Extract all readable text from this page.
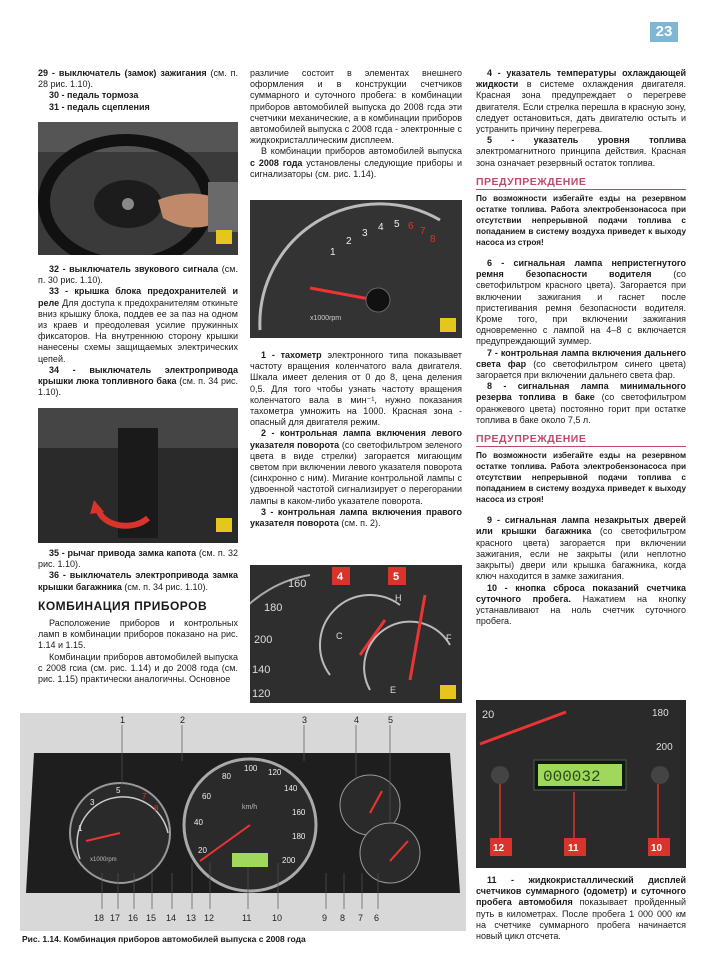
23

29 - выключатель (замок) зажигания (см. п. 28 рис. 1.10).

30 - педаль тормоза

31 - педаль сцепления

32 - выключатель звукового сигнала (см. п. 30 рис. 1.10).

33 - крышка блока предохранителей и реле Для доступа к предохранителям откиньте вниз крышку блока, поддев ее за паз на одном из краев и преодолевая усилие пружинных фиксаторов. На внутреннюю сторону крышки нанесены схемы защищаемых электрических цепей.

34 - выключатель электропривода крышки люка топливного бака (см. п. 34 рис. 1.10).

35 - рычаг привода замка капота (см. п. 32 рис. 1.10).

36 - выключатель электропривода замка крышки багажника (см. п. 34 рис. 1.10).

КОМБИНАЦИЯ ПРИБОРОВ

Расположение приборов и контрольных ламп в комбинации приборов показано на рис. 1.14 и 1.15.

Комбинации приборов автомобилей выпуска с 2008 гсиа (см. рис. 1.14) и до 2008 года (см. рис. 1.15) практически аналогичны. Основное

различие состоит в элементах внешнего оформления и в конструкции счетчиков суммарного и суточного пробега: в комбинации приборов автомобилей выпуска до 2008 гсда эти счетчики механические, а в комбинации приборов автомобилей выпуска с 2008 гсда - электронные с жидкокристаллическим дисплеем.

В комбинации приборов автомобилей выпуска с 2008 года установлены следующие приборы и сигнализаторы (см. рис. 1.14).

1
2
3
4 5 6 7
8
x1000rpm

1 - тахометр электронного типа показывает частоту вращения коленчатого вала двигателя. Шкала имеет деления от 0 до 8, цена деления 0,5. Для того чтобы узнать частоту вращения коленчатого вала в мин⁻¹, нужно показания тахометра умножить на 1000. Красная зона - опасный для двигателя режим.

2 - контрольная лампа включения левого указателя поворота (со светофильтром зеленого цвета в виде стрелки) загорается мигающим светом при включении левого указателя поворота (синхронно с ним). Мигание контрольной лампы с удвоенной частотой сигнализирует о перегорании лампы в каком-либо указателе поворота.

3 - контрольная лампа включения правого указателя поворота (см. п. 2).

160
180
200
140
120
H
C	F
E
4	5

4 - указатель температуры охлаждающей жидкости в системе охлаждения двигателя. Красная зона предупреждает о перегреве двигателя. Если стрелка перешла в красную зону, следует остановиться, дать двигателю остыть и устранить причину перегрева.

5 - указатель уровня топлива электромагнитного принципа действия. Красная зона означает резервный остаток топлива.

ПРЕДУПРЕЖДЕНИЕ

По возможности избегайте езды на резервном остатке топлива. Работа электробензонасоса при отсутствии непрерывной подачи топлива с попаданием в систему воздуха приведет к выходу насоса из строя!

6 - сигнальная лампа непристегнутого ремня безопасности водителя (со светофильтром красного цвета). Загорается при включении зажигания и гаснет после пристегивания ремня безопасности водителя. Кроме того, при включении зажигания одновременно с лампой на 4–8 с включается предупреждающий зуммер.

7 - контрольная лампа включения дальнего света фар (со светофильтром синего цвета) загорается при включении дальнего света фар.

8 - сигнальная лампа минимального резерва топлива в баке (со светофильтром оранжевого цвета) постоянно горит при остатке топлива в баке около 7,5 л.

ПРЕДУПРЕЖДЕНИЕ

По возможности избегайте езды на резервном остатке топлива. Работа электробензонасоса при отсутствии непрерывной подачи топлива с попаданием в систему воздуха приведет к выходу насоса из строя!

9 - сигнальная лампа незакрытых дверей или крышки багажника (со светофильтром красного цвета) загорается при включении зажигания, если не закрыты (или неплотно закрыты) двери или крышка багажника, когда ключ находится в замке зажигания.

10 - кнопка сброса показаний счетчика суточного пробега. Нажатием на кнопку устанавливают на ноль счетчик суточного пробега.

20	180
200
000032
12	11	10

11 - жидкокристаллический дисплей счетчиков суммарного (одометр) и суточного пробега автомобиля показывает пройденный путь в километрах. После пробега 1 000 000 км на счетчике суммарного пробега начинается новый цикл отсчета.

1
3
5
7
8
x1000rpm
20
40
60
80
100 120
140
160
180
200
km/h
1	2	3	4	5
18 17 16 15 14 13 12	11 10	9 8 7 6
Рис. 1.14. Комбинация приборов автомобилей выпуска с 2008 года
